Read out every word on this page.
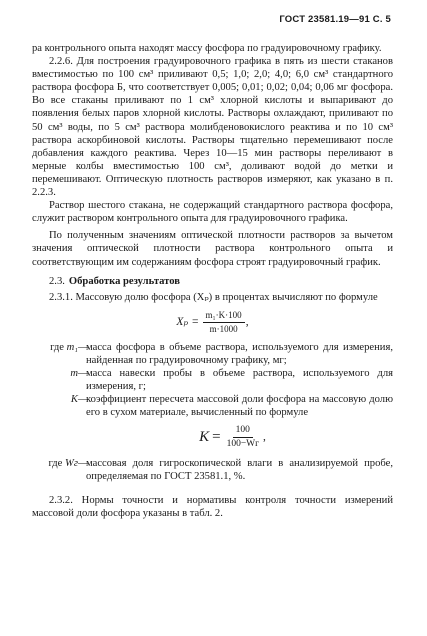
ГОСТ 23581.19—91 С. 5

ра контрольного опыта находят массу фосфора по градуировочному графику.

2.2.6. Для построения градуировочного графика в пять из шести стаканов вместимостью по 100 см³ приливают 0,5; 1,0; 2,0; 4,0; 6,0 см³ стандартного раствора фосфора Б, что соответствует 0,005; 0,01; 0,02; 0,04; 0,06 мг фосфора. Во все стаканы приливают по 1 см³ хлорной кислоты и выпаривают до появления белых паров хлорной кислоты. Растворы охлаждают, приливают по 50 см³ воды, по 5 см³ раствора молибденовокислого реактива и по 10 см³ раствора аскорбиновой кислоты. Растворы тщательно перемешивают после добавления каждого реактива. Через 10—15 мин растворы переливают в мерные колбы вместимостью 100 см³, доливают водой до метки и перемешивают. Оптическую плотность растворов измеряют, как указано в п. 2.2.3.

Раствор шестого стакана, не содержащий стандартного раствора фосфора, служит раствором контрольного опыта для градуировочного графика.

По полученным значениям оптической плотности растворов за вычетом значения оптической плотности раствора контрольного опыта и соответствующим им содержаниям фосфора строят градуировочный график.

2.3. Обработка результатов

2.3.1. Массовую долю фосфора (Xₚ) в процентах вычисляют по формуле

$X_p = \frac{\text{m₁·K·100}}{m\cdot 1000}$ ,
где m₁ —
масса фосфора в объеме раствора, используемого для измерения, найденная по градуировочному графику, мг;
m —
масса навески пробы в объеме раствора, используемого для измерения, г;
K —
коэффициент пересчета массовой доли фосфора на массовую долю его в сухом материале, вычисленный по формуле
$K = \frac{100}{100-Wг}$ ,
где Wг —
массовая доля гигроскопической влаги в анализируемой пробе, определяемая по ГОСТ 23581.1, %.

2.3.2. Нормы точности и нормативы контроля точности измерений массовой доли фосфора указаны в табл. 2.
